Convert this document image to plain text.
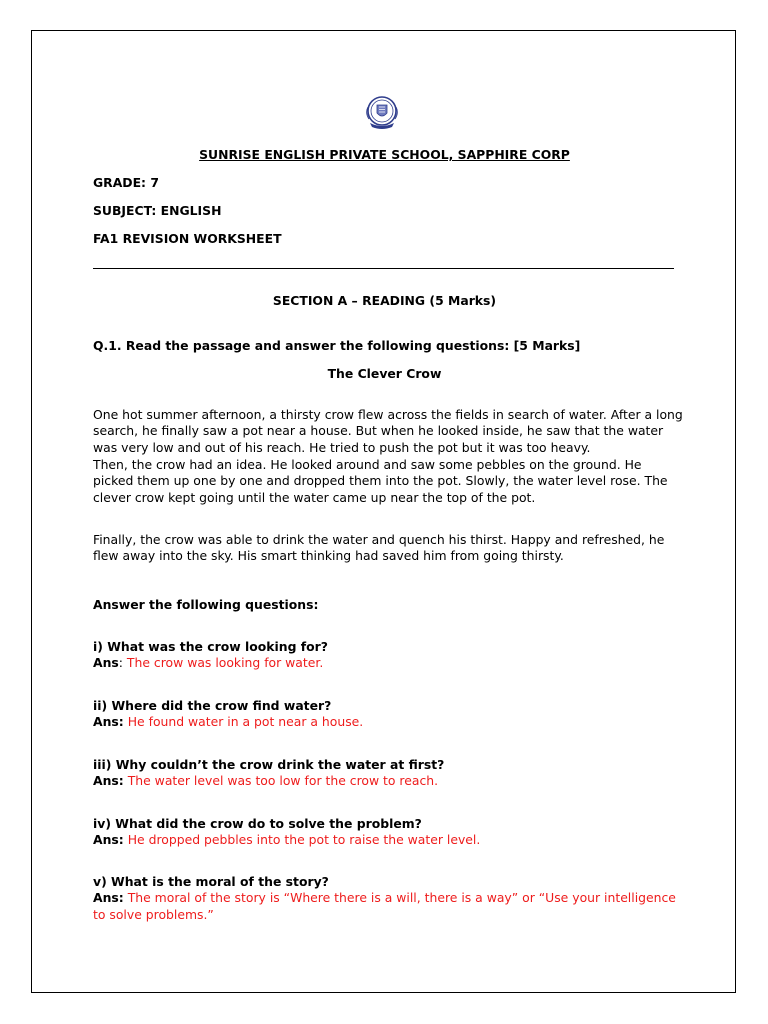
SUNRISE ENGLISH PRIVATE SCHOOL, SAPPHIRE CORP

GRADE: 7

SUBJECT: ENGLISH

FA1 REVISION WORKSHEET

SECTION A – READING (5 Marks)

Q.1. Read the passage and answer the following questions: [5 Marks]

The Clever Crow

One hot summer afternoon, a thirsty crow flew across the fields in search of water. After a long search, he finally saw a pot near a house. But when he looked inside, he saw that the water was very low and out of his reach. He tried to push the pot but it was too heavy.

Then, the crow had an idea. He looked around and saw some pebbles on the ground. He picked them up one by one and dropped them into the pot. Slowly, the water level rose. The clever crow kept going until the water came up near the top of the pot.

Finally, the crow was able to drink the water and quench his thirst. Happy and refreshed, he flew away into the sky. His smart thinking had saved him from going thirsty.

Answer the following questions:

i) What was the crow looking for?

Ans: The crow was looking for water.

ii) Where did the crow find water?

Ans: He found water in a pot near a house.

iii) Why couldn’t the crow drink the water at first?

Ans: The water level was too low for the crow to reach.

iv) What did the crow do to solve the problem?

Ans: He dropped pebbles into the pot to raise the water level.

v) What is the moral of the story?

Ans: The moral of the story is “Where there is a will, there is a way” or “Use your intelligence to solve problems.”
